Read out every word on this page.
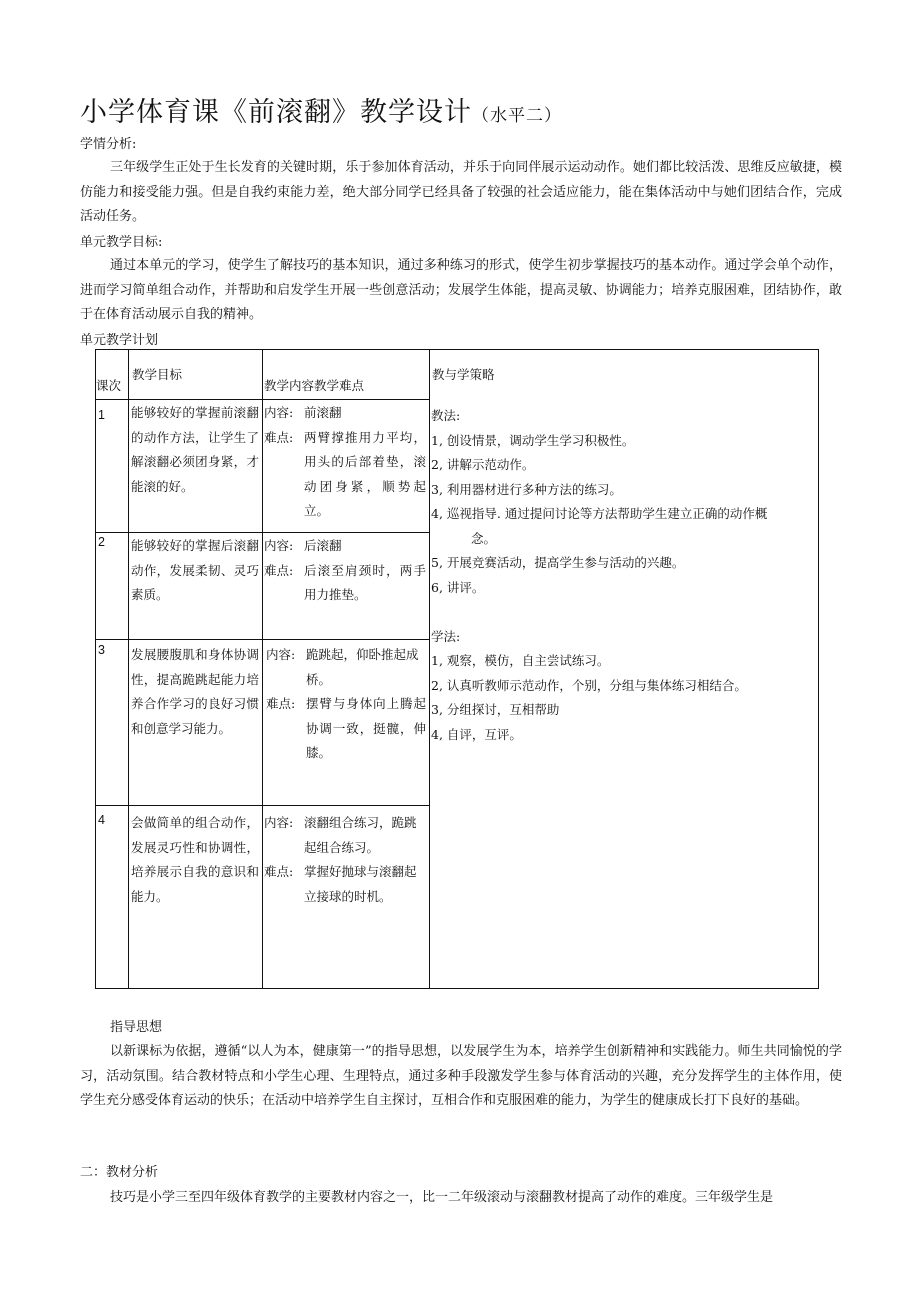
小学体育课《前滚翻》教学设计（水平二）
学情分析:
三年级学生正处于生长发育的关键时期，乐于参加体育活动，并乐于向同伴展示运动动作。她们都比较活泼、思维反应敏捷，模仿能力和接受能力强。但是自我约束能力差，绝大部分同学已经具备了较强的社会适应能力，能在集体活动中与她们团结合作，完成活动任务。
单元教学目标:
通过本单元的学习，使学生了解技巧的基本知识，通过多种练习的形式，使学生初步掌握技巧的基本动作。通过学会单个动作，进而学习简单组合动作，并帮助和启发学生开展一些创意活动；发展学生体能，提高灵敏、协调能力；培养克服困难，团结协作，敢于在体育活动展示自我的精神。
单元教学计划
课次
教学目标
教学内容教学难点
教与学策略
1 能够较好的掌握前滚翻的动作方法，让学生了解滚翻必须团身紧，才能滚的好。
内容: 前滚翻
难点: 两臂撑推用力平均，用头的后部着垫，滚动团身紧，顺势起立。
2 能够较好的掌握后滚翻动作，发展柔韧、灵巧素质。
内容: 后滚翻
难点: 后滚至肩颈时，两手用力推垫。
3 发展腰腹肌和身体协调性，提高跪跳起能力培养合作学习的良好习惯和创意学习能力。
内容: 跪跳起，仰卧推起成桥。
难点: 摆臂与身体向上腾起协调一致，挺髋，伸膝。
4 会做简单的组合动作，发展灵巧性和协调性，培养展示自我的意识和能力。
内容: 滚翻组合练习，跪跳起组合练习。
难点: 掌握好抛球与滚翻起立接球的时机。
教法:
1, 创设情景，调动学生学习积极性。
2, 讲解示范动作。
3, 利用器材进行多种方法的练习。
4, 巡视指导. 通过提问讨论等方法帮助学生建立正确的动作概
念。
5, 开展竞赛活动，提高学生参与活动的兴趣。
6, 讲评。
学法:
1, 观察，模仿，自主尝试练习。
2, 认真听教师示范动作，个别，分组与集体练习相结合。
3, 分组探讨，互相帮助
4, 自评，互评。
指导思想
以新课标为依据，遵循“以人为本，健康第一”的指导思想，以发展学生为本，培养学生创新精神和实践能力。师生共同愉悦的学习，活动氛围。结合教材特点和小学生心理、生理特点，通过多种手段激发学生参与体育活动的兴趣，充分发挥学生的主体作用，使学生充分感受体育运动的快乐；在活动中培养学生自主探讨，互相合作和克服困难的能力，为学生的健康成长打下良好的基础。
二：教材分析
技巧是小学三至四年级体育教学的主要教材内容之一，比一二年级滚动与滚翻教材提高了动作的难度。三年级学生是
